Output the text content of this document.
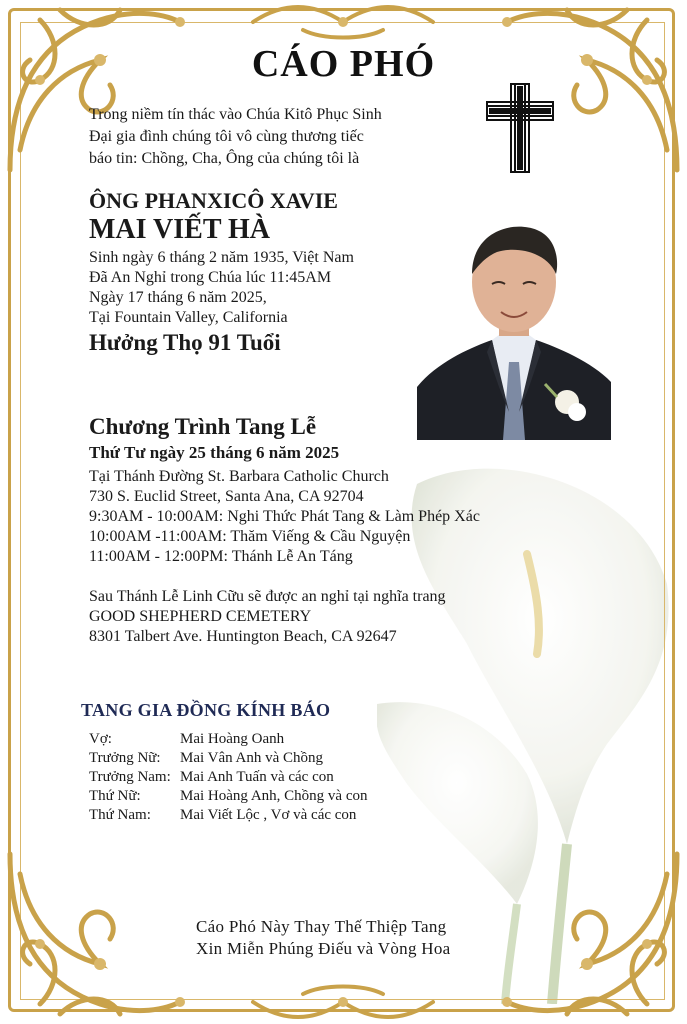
CÁO PHÓ
Trong niềm tín thác vào Chúa Kitô Phục Sinh
Đại gia đình chúng tôi vô cùng thương tiếc
báo tin: Chồng, Cha, Ông của chúng tôi là
ÔNG PHANXICÔ XAVIE
MAI VIẾT HÀ
Sinh ngày 6 tháng 2 năm 1935, Việt Nam
Đã An Nghỉ trong Chúa lúc 11:45AM
Ngày 17 tháng 6 năm 2025,
Tại Fountain Valley, California
Hưởng Thọ 91 Tuổi
Chương Trình Tang Lễ
Thứ Tư ngày 25 tháng 6 năm 2025
Tại Thánh Đường St. Barbara Catholic Church
730 S. Euclid Street, Santa Ana, CA 92704
9:30AM - 10:00AM: Nghi Thức Phát Tang & Làm Phép Xác
10:00AM -11:00AM: Thăm Viếng & Cầu Nguyện
11:00AM - 12:00PM: Thánh Lễ An Táng
Sau Thánh Lễ Linh Cữu sẽ được an nghỉ tại nghĩa trang
GOOD SHEPHERD CEMETERY
8301 Talbert Ave. Huntington Beach, CA 92647
TANG GIA ĐỒNG KÍNH BÁO
Vợ:	Mai Hoàng Oanh
Trưởng Nữ:	Mai Vân Anh và Chồng
Trưởng Nam: Mai Anh Tuấn và các con
Thứ Nữ:	Mai Hoàng Anh, Chồng và con
Thứ Nam:	Mai Viết Lộc , Vơ và các con
Cáo Phó Này Thay Thế Thiệp Tang
Xin Miễn Phúng Điếu và Vòng Hoa
